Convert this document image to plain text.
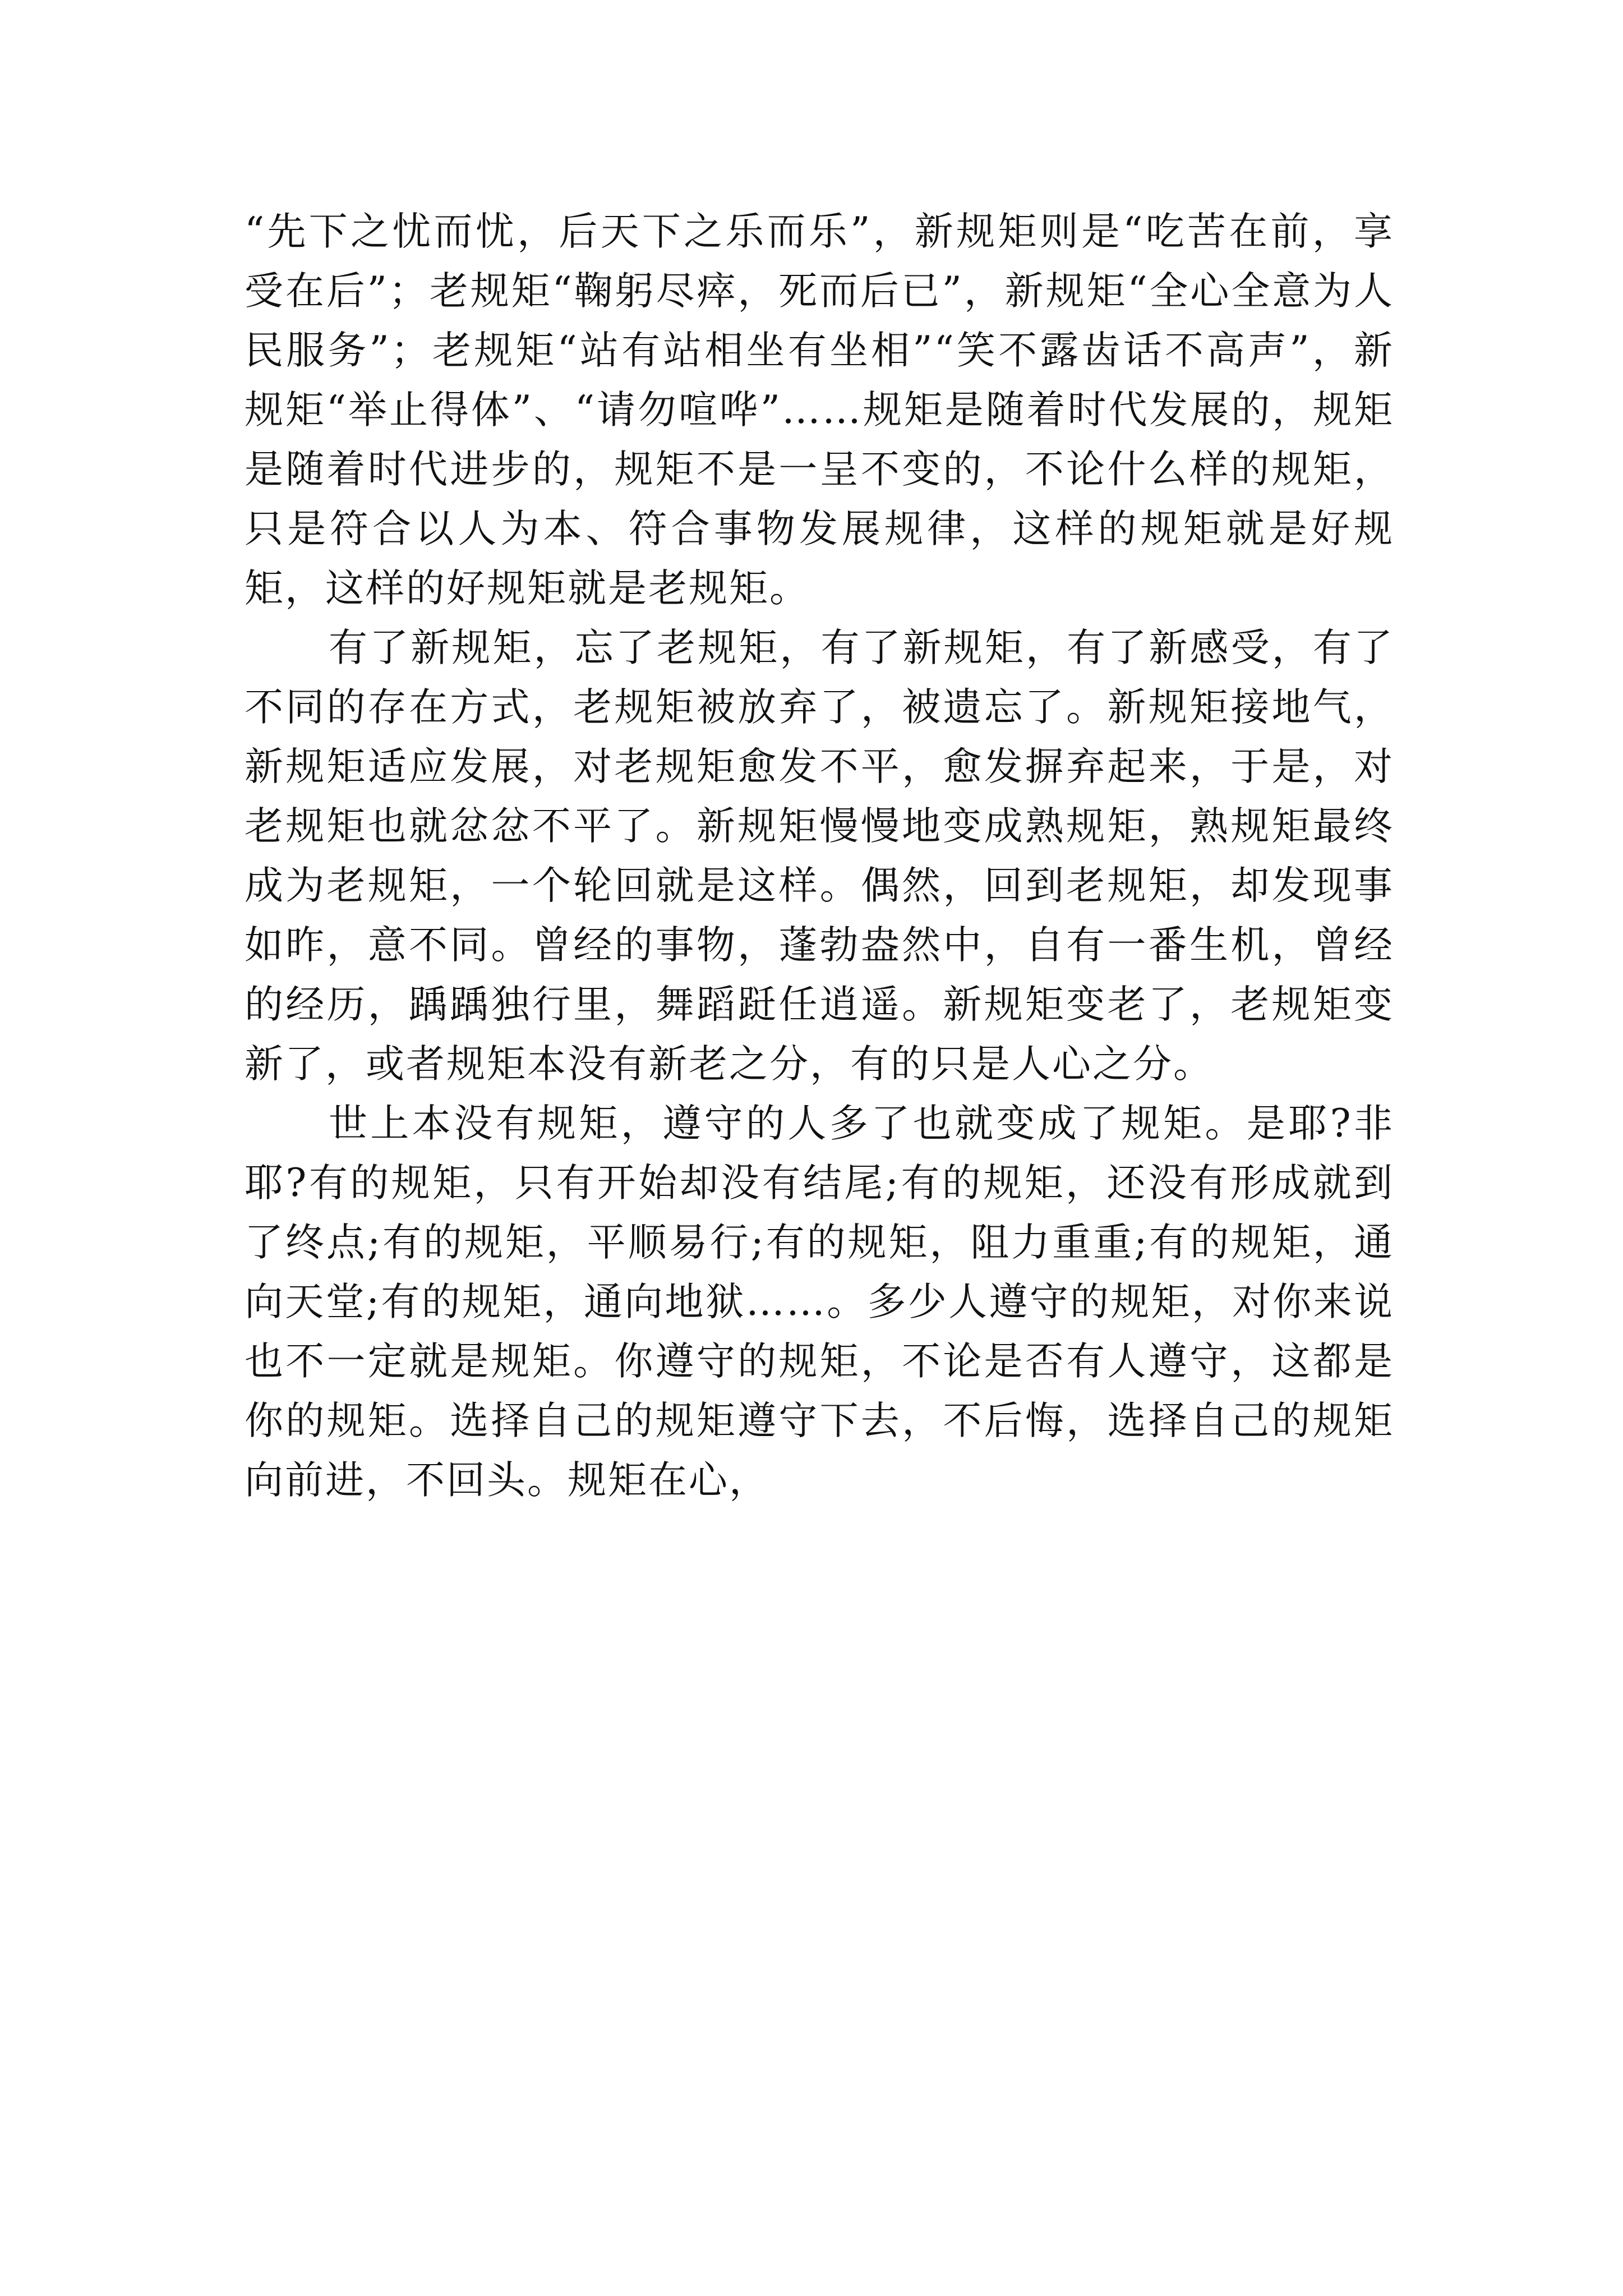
“先下之忧而忧，后天下之乐而乐”，新规矩则是“吃苦在前，享受在后”；老规矩“鞠躬尽瘁，死而后已”，新规矩“全心全意为人民服务”；老规矩“站有站相坐有坐相”“笑不露齿话不高声”，新规矩“举止得体”、“请勿喧哗”……规矩是随着时代发展的，规矩是随着时代进步的，规矩不是一呈不变的，不论什么样的规矩，只是符合以人为本、符合事物发展规律，这样的规矩就是好规矩，这样的好规矩就是老规矩。

有了新规矩，忘了老规矩，有了新规矩，有了新感受，有了不同的存在方式，老规矩被放弃了，被遗忘了。新规矩接地气，新规矩适应发展，对老规矩愈发不平，愈发摒弃起来，于是，对老规矩也就忿忿不平了。新规矩慢慢地变成熟规矩，熟规矩最终成为老规矩，一个轮回就是这样。偶然，回到老规矩，却发现事如昨，意不同。曾经的事物，蓬勃盎然中，自有一番生机，曾经的经历，踽踽独行里，舞蹈跹任逍遥。新规矩变老了，老规矩变新了，或者规矩本没有新老之分，有的只是人心之分。

世上本没有规矩，遵守的人多了也就变成了规矩。是耶?非耶?有的规矩，只有开始却没有结尾;有的规矩，还没有形成就到了终点;有的规矩，平顺易行;有的规矩，阻力重重;有的规矩，通向天堂;有的规矩，通向地狱……。多少人遵守的规矩，对你来说也不一定就是规矩。你遵守的规矩，不论是否有人遵守，这都是你的规矩。选择自己的规矩遵守下去，不后悔，选择自己的规矩向前进，不回头。规矩在心，
